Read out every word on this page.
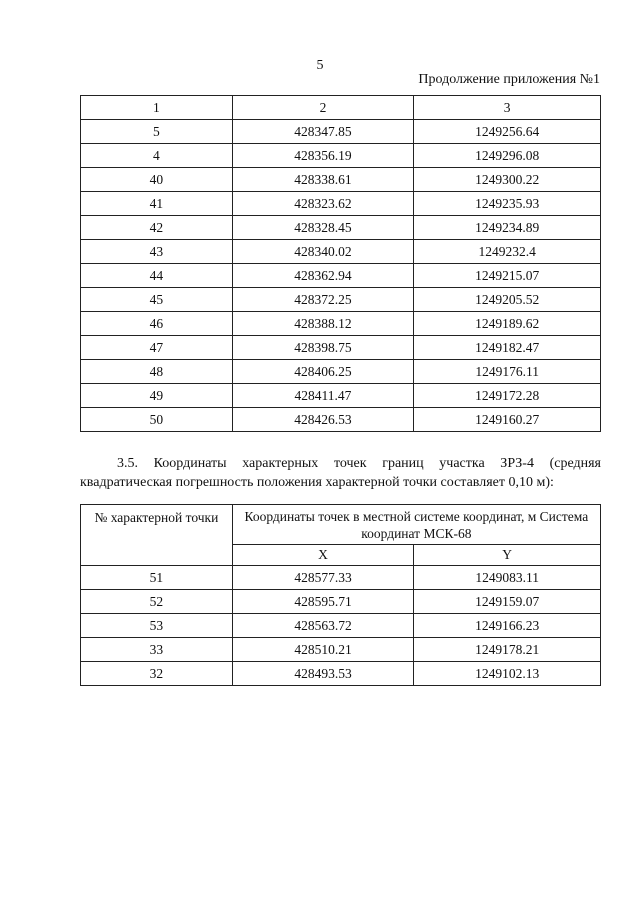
5
Продолжение приложения №1
1	2	3
5	428347.85	1249256.64
4	428356.19	1249296.08
40	428338.61	1249300.22
41	428323.62	1249235.93
42	428328.45	1249234.89
43	428340.02	1249232.4
44	428362.94	1249215.07
45	428372.25	1249205.52
46	428388.12	1249189.62
47	428398.75	1249182.47
48	428406.25	1249176.11
49	428411.47	1249172.28
50	428426.53	1249160.27
3.5. Координаты характерных точек границ участка ЗРЗ-4 (средняя квадратическая погрешность положения характерной точки составляет 0,10 м):
№ характерной точки	Координаты точек в местной системе координат, м Система координат МСК-68	
	X	Y
51	428577.33	1249083.11
52	428595.71	1249159.07
53	428563.72	1249166.23
33	428510.21	1249178.21
32	428493.53	1249102.13
